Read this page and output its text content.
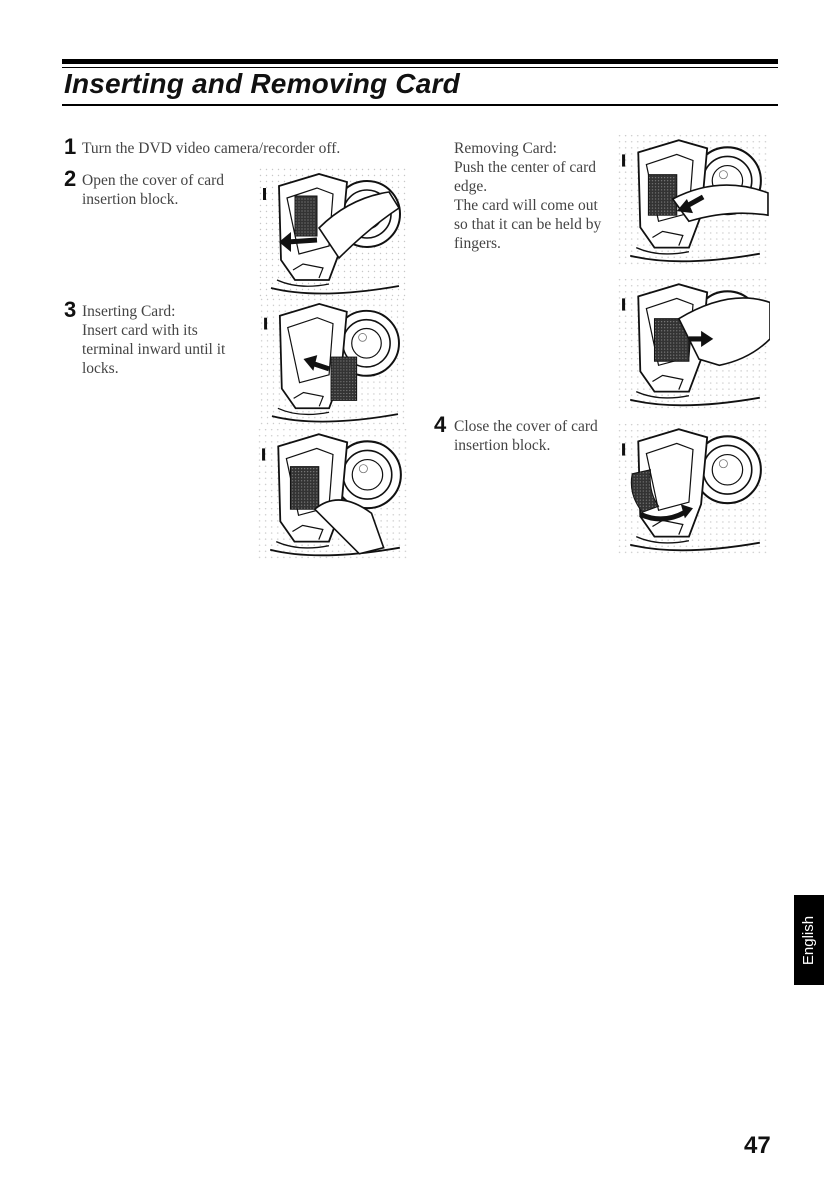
Inserting and Removing Card
1 Turn the DVD video camera/recorder off.
2 Open the cover of card
insertion block.
3 Inserting Card:
Insert card with its
terminal inward until it
locks.
Removing Card:
Push the center of card
edge.
The card will come out
so that it can be held by
fingers.
4 Close the cover of card
insertion block.
English
47
